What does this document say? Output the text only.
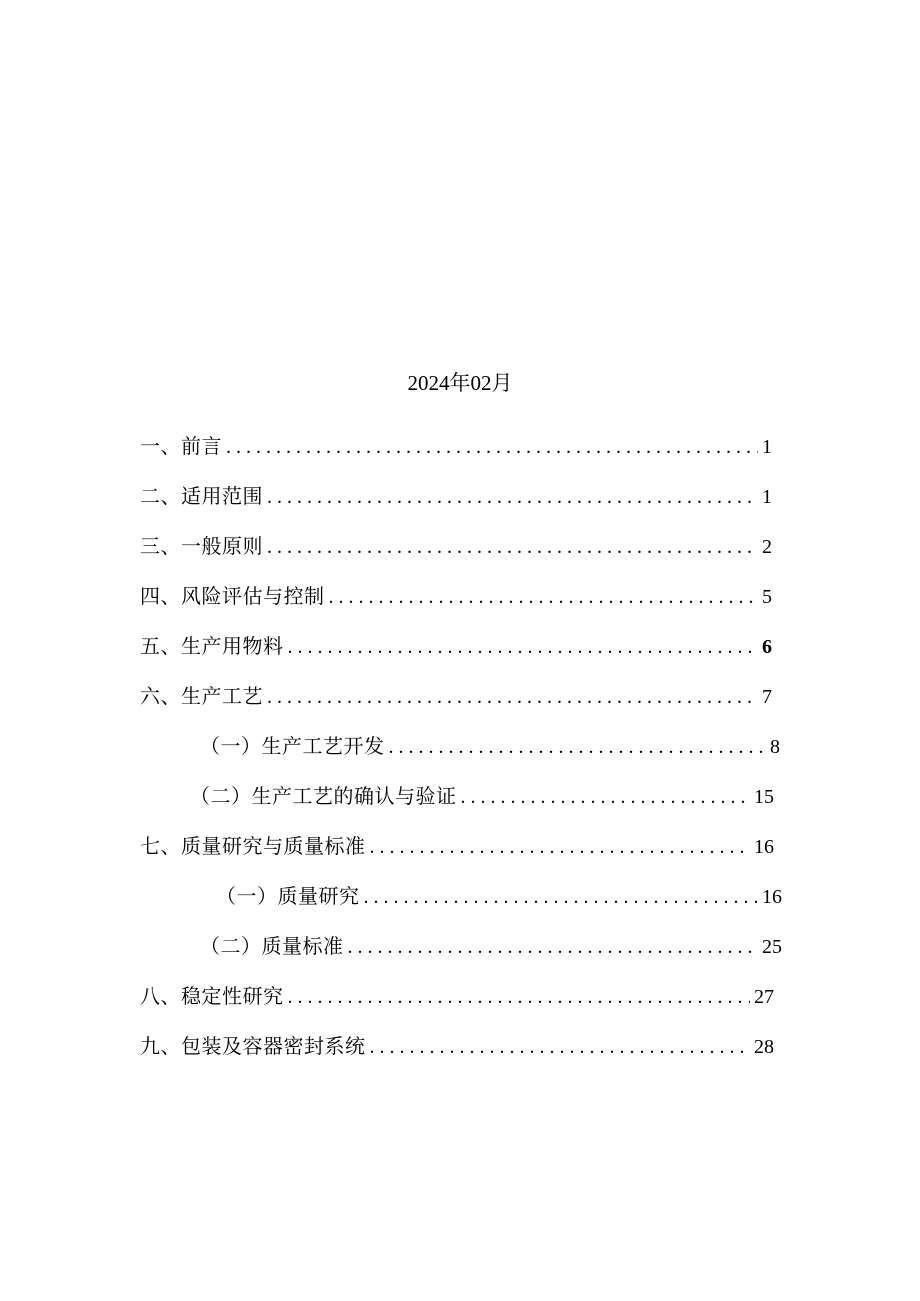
2024年02月
一、前言 . . .	1
二、适用范围 . . .	1
三、一般原则 . . .	2
四、风险评估与控制 . . .	5
五、生产用物料 . . .	6
六、生产工艺 . . .	7
（一）生产工艺开发 . . .	8
（二）生产工艺的确认与验证 . . .	15
七、质量研究与质量标准 . . .	16
（一）质量研究 . . .	16
（二）质量标准 . . .	25
八、稳定性研究 . . .	27
九、包装及容器密封系统 . . .	28
